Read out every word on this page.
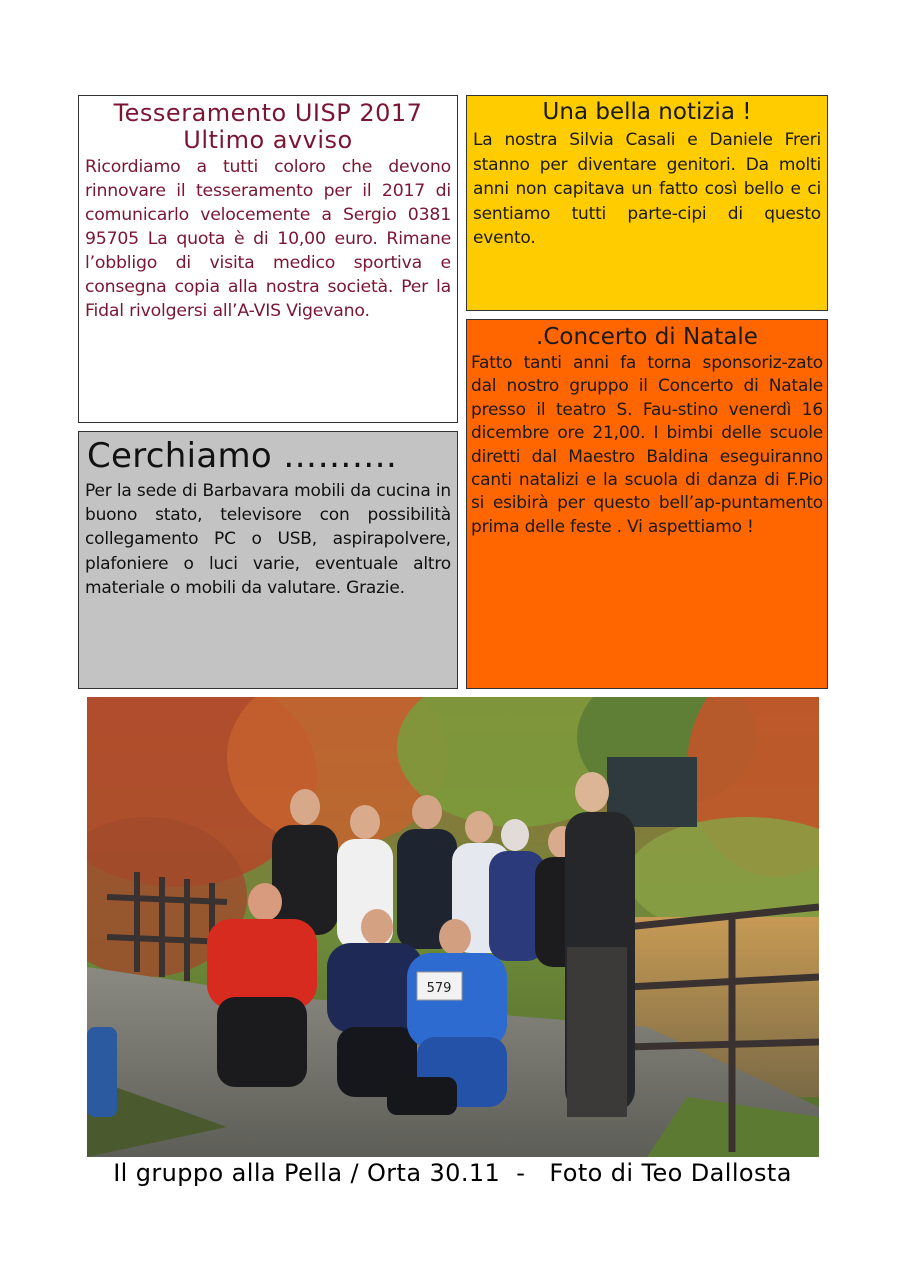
Tesseramento UISP 2017
Ultimo avviso
Ricordiamo a tutti coloro che devono rinnovare il tesseramento per il 2017 di comunicarlo velocemente a Sergio 0381 95705 La quota è di 10,00 euro. Rimane l’obbligo di visita medico sportiva e consegna copia alla nostra società. Per la Fidal rivolgersi all’A-VIS Vigevano.
Una bella notizia !
La nostra Silvia Casali e Daniele Freri stanno per diventare genitori. Da molti anni non capitava un fatto così bello e ci sentiamo tutti parte-cipi di questo evento.
Cerchiamo ……….
Per la sede di Barbavara mobili da cucina in buono stato, televisore con possibilità collegamento PC o USB, aspirapolvere, plafoniere o luci varie, eventuale altro materiale o mobili da valutare. Grazie.
.Concerto di Natale
Fatto tanti anni fa torna sponsoriz-zato dal nostro gruppo il Concerto di Natale presso il teatro S. Fau-stino venerdì 16 dicembre ore 21,00. I bimbi delle scuole diretti dal Maestro Baldina eseguiranno canti natalizi e la scuola di danza di F.Pio si esibirà per questo bell’ap-puntamento prima delle feste . Vi aspettiamo !
579
Il gruppo alla Pella / Orta 30.11  -   Foto di Teo Dallosta
